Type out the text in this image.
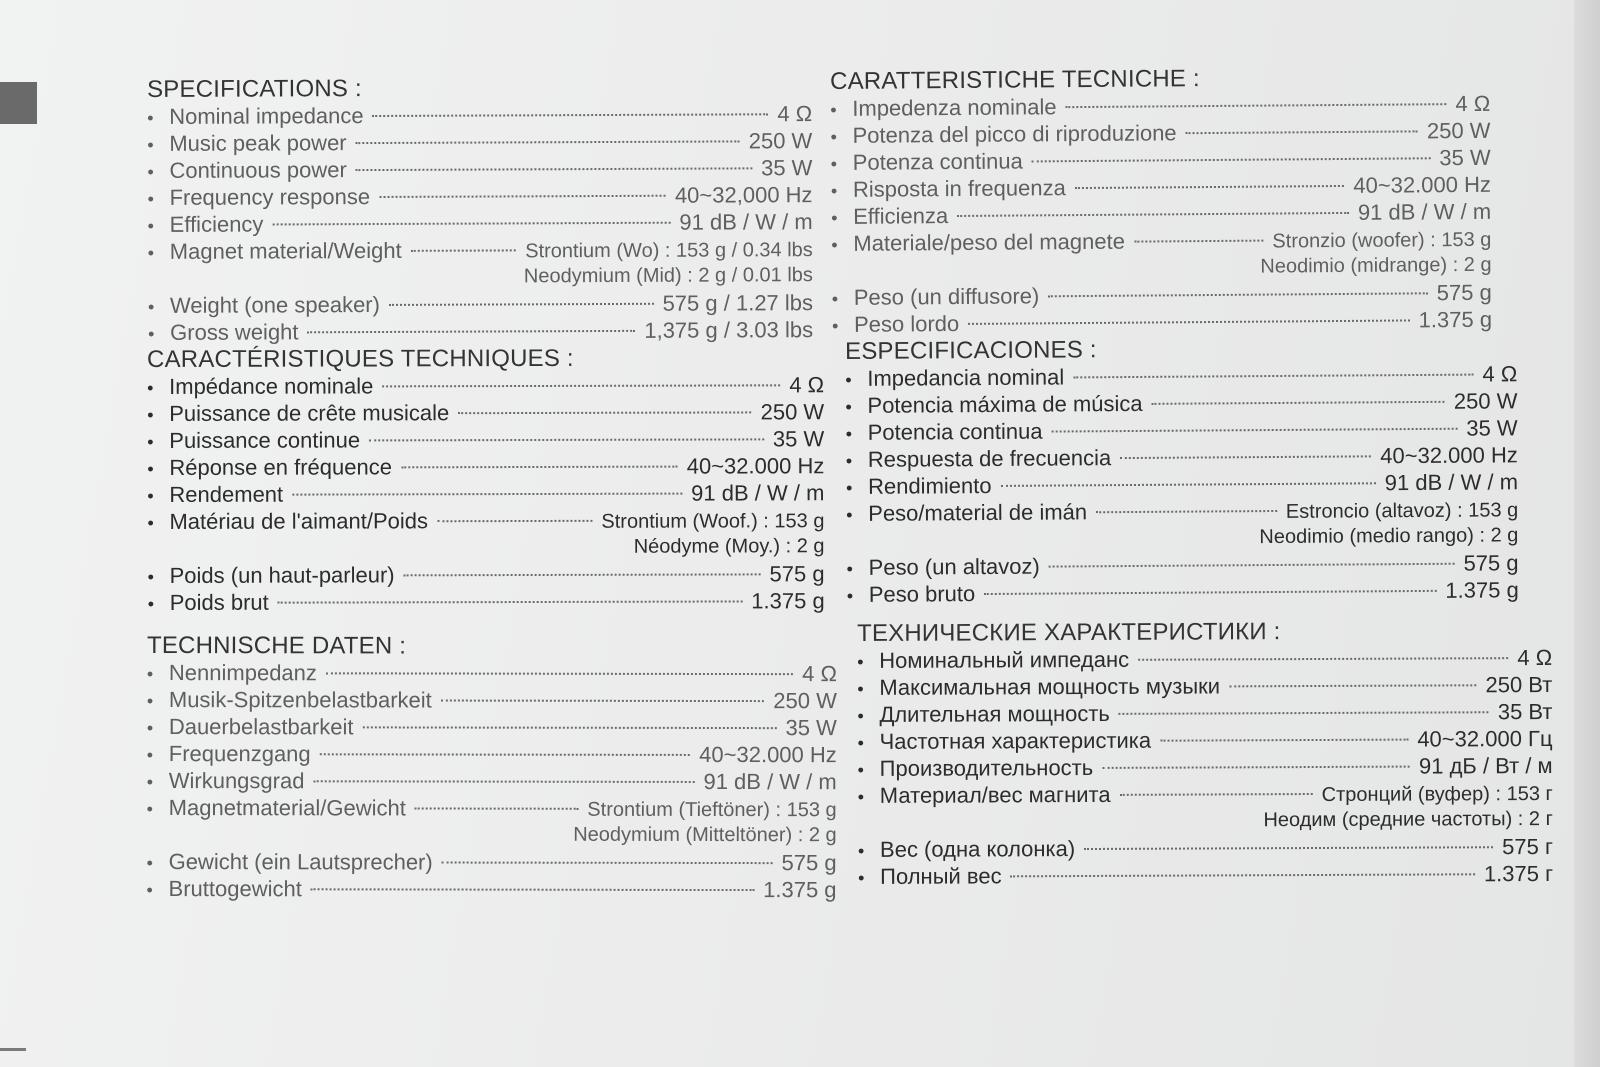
SPECIFICATIONS :
• Nominal impedance	4 Ω
• Music peak power	250 W
• Continuous power	35 W
• Frequency response	40~32,000 Hz
• Efficiency	91 dB / W / m
• Magnet material/Weight	Strontium (Wo) : 153 g / 0.34 lbs
Neodymium (Mid) : 2 g / 0.01 lbs
• Weight (one speaker)	575 g / 1.27 lbs
• Gross weight	1,375 g / 3.03 lbs
CARACTÉRISTIQUES TECHNIQUES :
• Impédance nominale	4 Ω
• Puissance de crête musicale	250 W
• Puissance continue	35 W
• Réponse en fréquence	40~32.000 Hz
• Rendement	91 dB / W / m
• Matériau de l'aimant/Poids	Strontium (Woof.) : 153 g
Néodyme (Moy.) : 2 g
• Poids (un haut-parleur)	575 g
• Poids brut	1.375 g
TECHNISCHE DATEN :
• Nennimpedanz	4 Ω
• Musik-Spitzenbelastbarkeit	250 W
• Dauerbelastbarkeit	35 W
• Frequenzgang	40~32.000 Hz
• Wirkungsgrad	91 dB / W / m
• Magnetmaterial/Gewicht	Strontium (Tieftöner) : 153 g
Neodymium (Mitteltöner) : 2 g
• Gewicht (ein Lautsprecher)	575 g
• Bruttogewicht	1.375 g
CARATTERISTICHE TECNICHE :
• Impedenza nominale	4 Ω
• Potenza del picco di riproduzione	250 W
• Potenza continua	35 W
• Risposta in frequenza	40~32.000 Hz
• Efficienza	91 dB / W / m
• Materiale/peso del magnete	Stronzio (woofer) : 153 g
Neodimio (midrange) : 2 g
• Peso (un diffusore)	575 g
• Peso lordo	1.375 g
ESPECIFICACIONES :
• Impedancia nominal	4 Ω
• Potencia máxima de música	250 W
• Potencia continua	35 W
• Respuesta de frecuencia	40~32.000 Hz
• Rendimiento	91 dB / W / m
• Peso/material de imán	Estroncio (altavoz) : 153 g
Neodimio (medio rango) : 2 g
• Peso (un altavoz)	575 g
• Peso bruto	1.375 g
ТЕХНИЧЕСКИЕ ХАРАКТЕРИСТИКИ :
• Номинальный импеданс	4 Ω
• Максимальная мощность музыки	250 Вт
• Длительная мощность	35 Вт
• Частотная характеристика	40~32.000 Гц
• Производительность	91 дБ / Вт / м
• Материал/вес магнита	Стронций (вуфер) : 153 г
Неодим (средние частоты) : 2 г
• Вес (одна колонка)	575 г
• Полный вес	1.375 г
